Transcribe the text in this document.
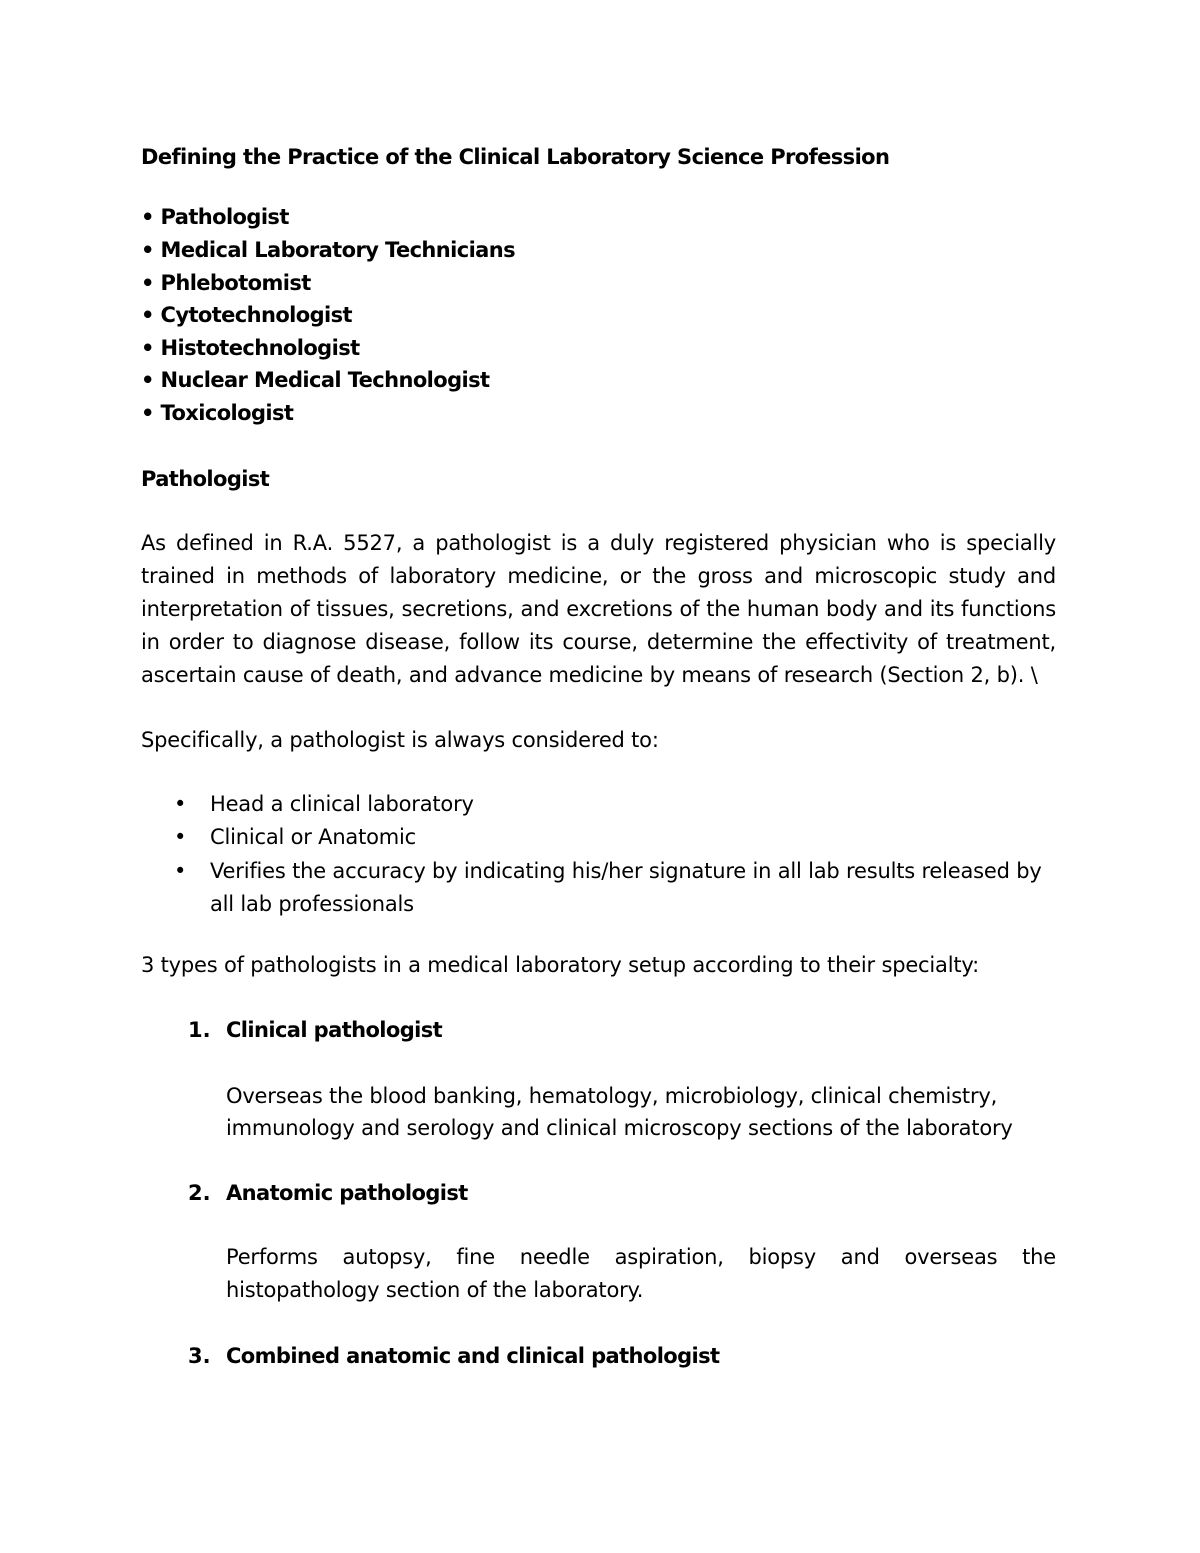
Defining the Practice of the Clinical Laboratory Science Profession
• Pathologist
• Medical Laboratory Technicians
• Phlebotomist
• Cytotechnologist
• Histotechnologist
• Nuclear Medical Technologist
• Toxicologist
Pathologist
As defined in R.A. 5527, a pathologist is a duly registered physician who is specially
trained in methods of laboratory medicine, or the gross and microscopic study and
interpretation of tissues, secretions, and excretions of the human body and its functions
in order to diagnose disease, follow its course, determine the effectivity of treatment,
ascertain cause of death, and advance medicine by means of research (Section 2, b). \
Specifically, a pathologist is always considered to:
• Head a clinical laboratory
• Clinical or Anatomic
• Verifies the accuracy by indicating his/her signature in all lab results released by
all lab professionals
3 types of pathologists in a medical laboratory setup according to their specialty:
1. Clinical pathologist
Overseas the blood banking, hematology, microbiology, clinical chemistry,
immunology and serology and clinical microscopy sections of the laboratory
2. Anatomic pathologist
Performs autopsy, fine needle aspiration, biopsy and overseas the
histopathology section of the laboratory.
3. Combined anatomic and clinical pathologist
